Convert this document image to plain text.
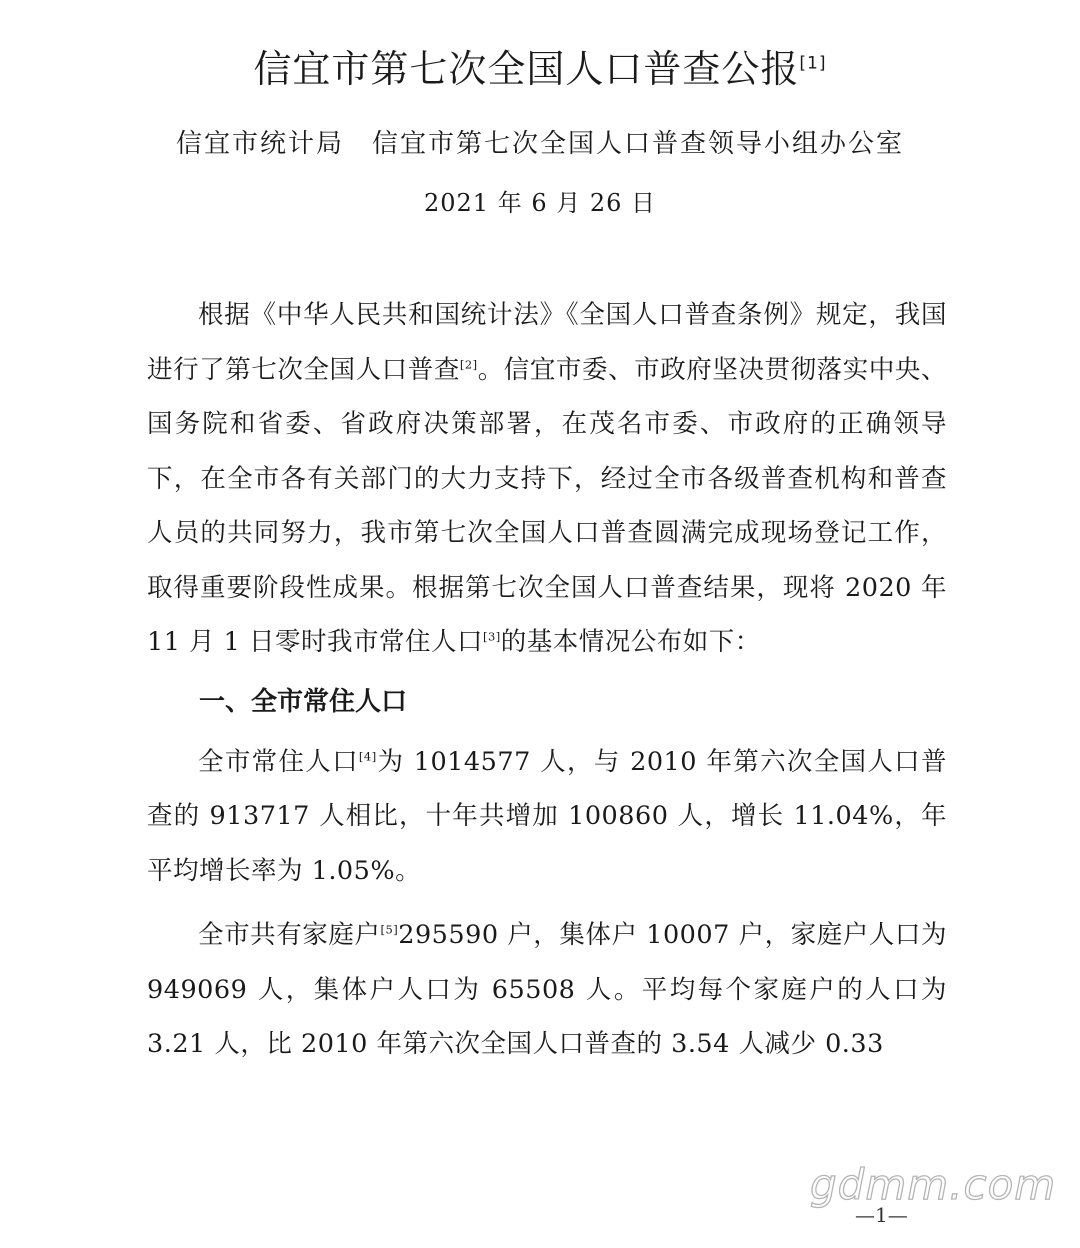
信宜市第七次全国人口普查公报[1]
信宜市统计局　信宜市第七次全国人口普查领导小组办公室
2021 年 6 月 26 日

根据《中华人民共和国统计法》《全国人口普查条例》规定，我国进行了第七次全国人口普查[2]。信宜市委、市政府坚决贯彻落实中央、国务院和省委、省政府决策部署，在茂名市委、市政府的正确领导下，在全市各有关部门的大力支持下，经过全市各级普查机构和普查人员的共同努力，我市第七次全国人口普查圆满完成现场登记工作，取得重要阶段性成果。根据第七次全国人口普查结果，现将 2020 年 11 月 1 日零时我市常住人口[3]的基本情况公布如下：

一、全市常住人口

全市常住人口[4]为 1014577 人，与 2010 年第六次全国人口普查的 913717 人相比，十年共增加 100860 人，增长 11.04%，年平均增长率为 1.05%。

全市共有家庭户[5]295590 户，集体户 10007 户，家庭户人口为 949069 人，集体户人口为 65508 人。平均每个家庭户的人口为 3.21 人，比 2010 年第六次全国人口普查的 3.54 人减少 0.33

gdmm.com
—1—
